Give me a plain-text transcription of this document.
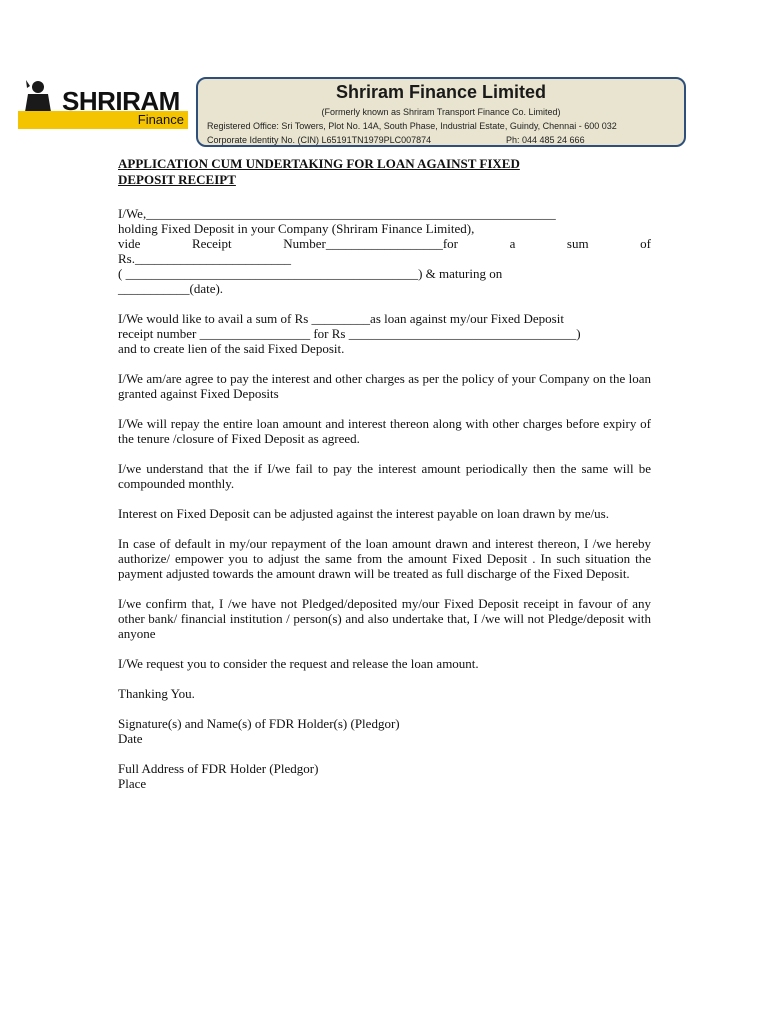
SHRIRAM
Finance
Shriram Finance Limited
(Formerly known as Shriram Transport Finance Co. Limited)
Registered Office: Sri Towers, Plot No. 14A, South Phase, Industrial Estate, Guindy, Chennai - 600 032
Corporate Identity No. (CIN) L65191TN1979PLC007874	Ph: 044 485 24 666
APPLICATION CUM UNDERTAKING FOR LOAN AGAINST FIXED
DEPOSIT RECEIPT
I/We,_______________________________________________________________
holding Fixed Deposit in your Company (Shriram Finance Limited),
vide	Receipt	Number__________________for	a	sum	of
Rs.________________________
( _____________________________________________) & maturing on
___________(date).
I/We would like to avail a sum of Rs _________as loan against my/our Fixed Deposit
receipt number _________________ for Rs ___________________________________)
and to create lien of the said Fixed Deposit.

I/We am/are agree to pay the interest and other charges as per the policy of your Company on the loan granted against Fixed Deposits

I/We will repay the entire loan amount and interest thereon along with other charges before expiry of the tenure /closure of Fixed Deposit as agreed.

I/we understand that the if I/we fail to pay the interest amount periodically then the same will be compounded monthly.

Interest on Fixed Deposit can be adjusted against the interest payable on loan drawn by me/us.

In case of default in my/our repayment of the loan amount drawn and interest thereon, I /we hereby authorize/ empower you to adjust the same from the amount Fixed Deposit . In such situation the payment adjusted towards the amount drawn will be treated as full discharge of the Fixed Deposit.

I/we confirm that, I /we have not Pledged/deposited my/our Fixed Deposit receipt in favour of any other bank/ financial institution / person(s) and also undertake that, I /we will not Pledge/deposit with anyone

I/We request you to consider the request and release the loan amount.

Thanking You.

Signature(s) and Name(s) of FDR Holder(s) (Pledgor)

Date

Full Address of FDR Holder (Pledgor)

Place
